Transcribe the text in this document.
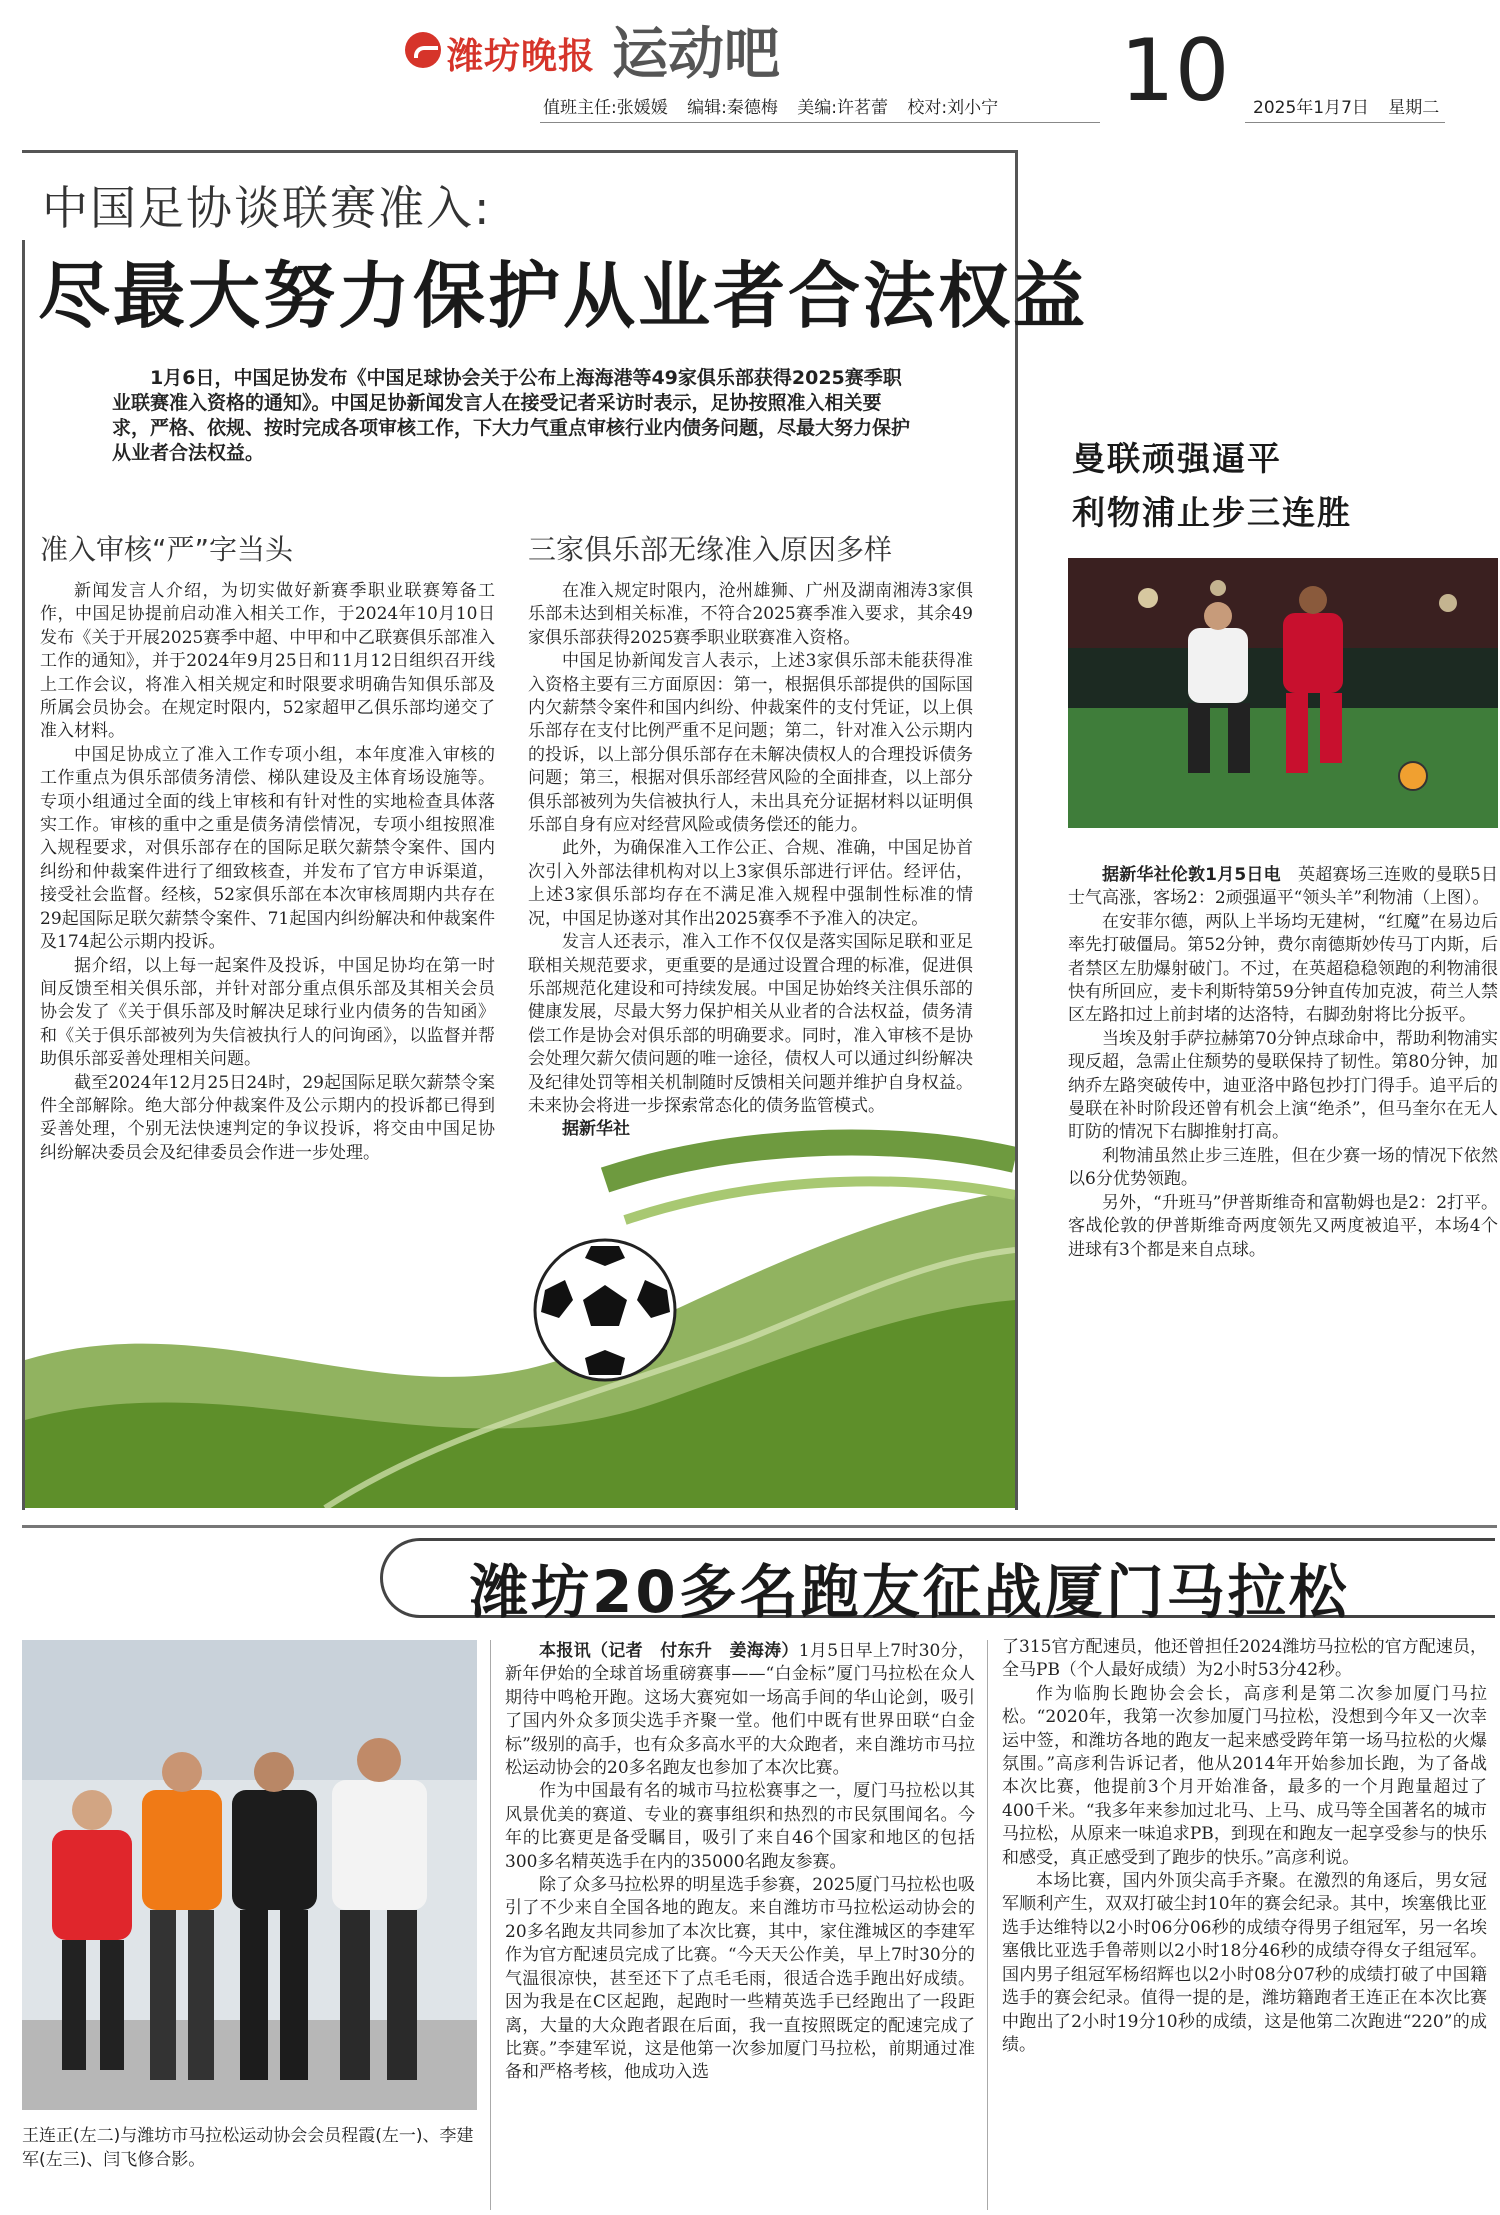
潍坊晚报 运动吧
值班主任:张媛媛 编辑:秦德梅 美编:许茗蕾 校对:刘小宁 10 2025年1月7日 星期二
中国足协谈联赛准入:
尽最大努力保护从业者合法权益
1月6日，中国足协发布《中国足球协会关于公布上海海港等49家俱乐部获得2025赛季职业联赛准入资格的通知》。中国足协新闻发言人在接受记者采访时表示，足协按照准入相关要求，严格、依规、按时完成各项审核工作，下大力气重点审核行业内债务问题，尽最大努力保护从业者合法权益。
准入审核“严”字当头	三家俱乐部无缘准入原因多样

新闻发言人介绍，为切实做好新赛季职业联赛筹备工作，中国足协提前启动准入相关工作，于2024年10月10日发布《关于开展2025赛季中超、中甲和中乙联赛俱乐部准入工作的通知》，并于2024年9月25日和11月12日组织召开线上工作会议，将准入相关规定和时限要求明确告知俱乐部及所属会员协会。在规定时限内，52家超甲乙俱乐部均递交了准入材料。

中国足协成立了准入工作专项小组，本年度准入审核的工作重点为俱乐部债务清偿、梯队建设及主体育场设施等。专项小组通过全面的线上审核和有针对性的实地检查具体落实工作。审核的重中之重是债务清偿情况，专项小组按照准入规程要求，对俱乐部存在的国际足联欠薪禁令案件、国内纠纷和仲裁案件进行了细致核查，并发布了官方申诉渠道，接受社会监督。经核，52家俱乐部在本次审核周期内共存在29起国际足联欠薪禁令案件、71起国内纠纷解决和仲裁案件及174起公示期内投诉。

据介绍，以上每一起案件及投诉，中国足协均在第一时间反馈至相关俱乐部，并针对部分重点俱乐部及其相关会员协会发了《关于俱乐部及时解决足球行业内债务的告知函》和《关于俱乐部被列为失信被执行人的问询函》，以监督并帮助俱乐部妥善处理相关问题。

截至2024年12月25日24时，29起国际足联欠薪禁令案件全部解除。绝大部分仲裁案件及公示期内的投诉都已得到妥善处理，个别无法快速判定的争议投诉，将交由中国足协纠纷解决委员会及纪律委员会作进一步处理。

在准入规定时限内，沧州雄狮、广州及湖南湘涛3家俱乐部未达到相关标准，不符合2025赛季准入要求，其余49家俱乐部获得2025赛季职业联赛准入资格。

中国足协新闻发言人表示，上述3家俱乐部未能获得准入资格主要有三方面原因：第一，根据俱乐部提供的国际国内欠薪禁令案件和国内纠纷、仲裁案件的支付凭证，以上俱乐部存在支付比例严重不足问题；第二，针对准入公示期内的投诉，以上部分俱乐部存在未解决债权人的合理投诉债务问题；第三，根据对俱乐部经营风险的全面排查，以上部分俱乐部被列为失信被执行人，未出具充分证据材料以证明俱乐部自身有应对经营风险或债务偿还的能力。

此外，为确保准入工作公正、合规、准确，中国足协首次引入外部法律机构对以上3家俱乐部进行评估。经评估，上述3家俱乐部均存在不满足准入规程中强制性标准的情况，中国足协遂对其作出2025赛季不予准入的决定。

发言人还表示，准入工作不仅仅是落实国际足联和亚足联相关规范要求，更重要的是通过设置合理的标准，促进俱乐部规范化建设和可持续发展。中国足协始终关注俱乐部的健康发展，尽最大努力保护相关从业者的合法权益，债务清偿工作是协会对俱乐部的明确要求。同时，准入审核不是协会处理欠薪欠债问题的唯一途径，债权人可以通过纠纷解决及纪律处罚等相关机制随时反馈相关问题并维护自身权益。未来协会将进一步探索常态化的债务监管模式。

据新华社

曼联顽强逼平
利物浦止步三连胜

据新华社伦敦1月5日电　 英超赛场三连败的曼联5日士气高涨，客场2：2顽强逼平“领头羊”利物浦（上图）。

在安菲尔德，两队上半场均无建树，“红魔”在易边后率先打破僵局。第52分钟，费尔南德斯妙传马丁内斯，后者禁区左肋爆射破门。不过，在英超稳稳领跑的利物浦很快有所回应，麦卡利斯特第59分钟直传加克波，荷兰人禁区左路扣过上前封堵的达洛特，右脚劲射将比分扳平。

当埃及射手萨拉赫第70分钟点球命中，帮助利物浦实现反超，急需止住颓势的曼联保持了韧性。第80分钟，加纳乔左路突破传中，迪亚洛中路包抄打门得手。追平后的曼联在补时阶段还曾有机会上演“绝杀”，但马奎尔在无人盯防的情况下右脚推射打高。

利物浦虽然止步三连胜，但在少赛一场的情况下依然以6分优势领跑。

另外，“升班马”伊普斯维奇和富勒姆也是2：2打平。客战伦敦的伊普斯维奇两度领先又两度被追平，本场4个进球有3个都是来自点球。

潍坊20多名跑友征战厦门马拉松
王连正(左二)与潍坊市马拉松运动协会会员程霞(左一)、李建军(左三)、闫飞修合影。

本报讯（记者　付东升　姜海涛）1月5日早上7时30分，新年伊始的全球首场重磅赛事——“白金标”厦门马拉松在众人期待中鸣枪开跑。这场大赛宛如一场高手间的华山论剑，吸引了国内外众多顶尖选手齐聚一堂。他们中既有世界田联“白金标”级别的高手，也有众多高水平的大众跑者，来自潍坊市马拉松运动协会的20多名跑友也参加了本次比赛。

作为中国最有名的城市马拉松赛事之一，厦门马拉松以其风景优美的赛道、专业的赛事组织和热烈的市民氛围闻名。今年的比赛更是备受瞩目，吸引了来自46个国家和地区的包括300多名精英选手在内的35000名跑友参赛。

除了众多马拉松界的明星选手参赛，2025厦门马拉松也吸引了不少来自全国各地的跑友。来自潍坊市马拉松运动协会的20多名跑友共同参加了本次比赛，其中，家住潍城区的李建军作为官方配速员完成了比赛。“今天天公作美，早上7时30分的气温很凉快，甚至还下了点毛毛雨，很适合选手跑出好成绩。因为我是在C区起跑，起跑时一些精英选手已经跑出了一段距离，大量的大众跑者跟在后面，我一直按照既定的配速完成了比赛。”李建军说，这是他第一次参加厦门马拉松，前期通过准备和严格考核，他成功入选

了315官方配速员，他还曾担任2024潍坊马拉松的官方配速员，全马PB（个人最好成绩）为2小时53分42秒。

作为临朐长跑协会会长，高彦利是第二次参加厦门马拉松。“2020年，我第一次参加厦门马拉松，没想到今年又一次幸运中签，和潍坊各地的跑友一起来感受跨年第一场马拉松的火爆氛围。”高彦利告诉记者，他从2014年开始参加长跑，为了备战本次比赛，他提前3个月开始准备，最多的一个月跑量超过了400千米。“我多年来参加过北马、上马、成马等全国著名的城市马拉松，从原来一味追求PB，到现在和跑友一起享受参与的快乐和感受，真正感受到了跑步的快乐。”高彦利说。

本场比赛，国内外顶尖高手齐聚。在激烈的角逐后，男女冠军顺利产生，双双打破尘封10年的赛会纪录。其中，埃塞俄比亚选手达维特以2小时06分06秒的成绩夺得男子组冠军，另一名埃塞俄比亚选手鲁蒂则以2小时18分46秒的成绩夺得女子组冠军。国内男子组冠军杨绍辉也以2小时08分07秒的成绩打破了中国籍选手的赛会纪录。值得一提的是，潍坊籍跑者王连正在本次比赛中跑出了2小时19分10秒的成绩，这是他第二次跑进“220”的成绩。
